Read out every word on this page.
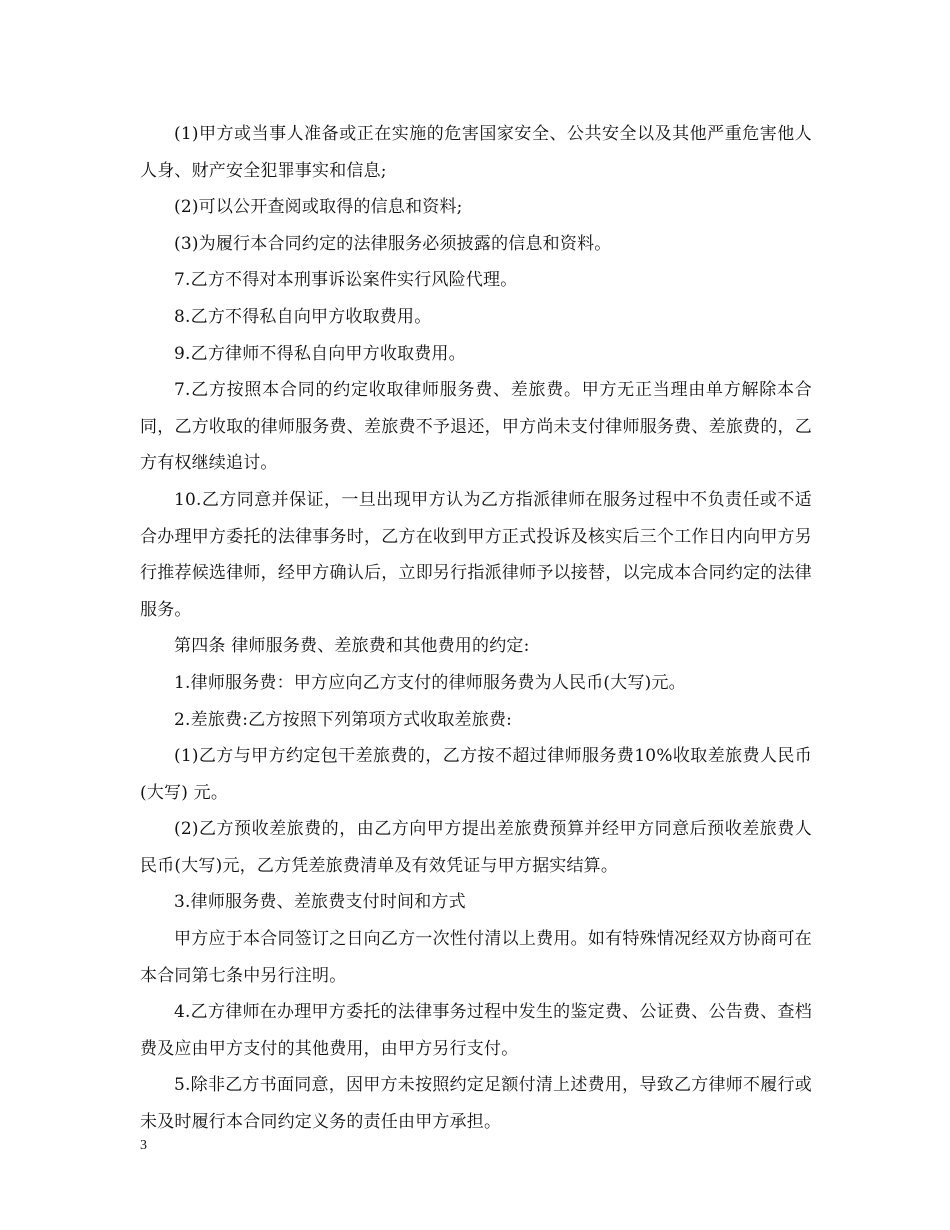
(1)甲方或当事人准备或正在实施的危害国家安全、公共安全以及其他严重危害他人人身、财产安全犯罪事实和信息;

(2)可以公开查阅或取得的信息和资料;

(3)为履行本合同约定的法律服务必须披露的信息和资料。

7.乙方不得对本刑事诉讼案件实行风险代理。

8.乙方不得私自向甲方收取费用。

9.乙方律师不得私自向甲方收取费用。

7.乙方按照本合同的约定收取律师服务费、差旅费。甲方无正当理由单方解除本合同，乙方收取的律师服务费、差旅费不予退还，甲方尚未支付律师服务费、差旅费的，乙方有权继续追讨。

10.乙方同意并保证，一旦出现甲方认为乙方指派律师在服务过程中不负责任或不适合办理甲方委托的法律事务时，乙方在收到甲方正式投诉及核实后三个工作日内向甲方另行推荐候选律师，经甲方确认后，立即另行指派律师予以接替，以完成本合同约定的法律服务。

第四条 律师服务费、差旅费和其他费用的约定:

1.律师服务费：甲方应向乙方支付的律师服务费为人民币(大写)元。

2.差旅费:乙方按照下列第项方式收取差旅费:

(1)乙方与甲方约定包干差旅费的，乙方按不超过律师服务费10%收取差旅费人民币(大写) 元。

(2)乙方预收差旅费的，由乙方向甲方提出差旅费预算并经甲方同意后预收差旅费人民币(大写)元，乙方凭差旅费清单及有效凭证与甲方据实结算。

3.律师服务费、差旅费支付时间和方式

甲方应于本合同签订之日向乙方一次性付清以上费用。如有特殊情况经双方协商可在本合同第七条中另行注明。

4.乙方律师在办理甲方委托的法律事务过程中发生的鉴定费、公证费、公告费、查档费及应由甲方支付的其他费用，由甲方另行支付。

5.除非乙方书面同意，因甲方未按照约定足额付清上述费用，导致乙方律师不履行或未及时履行本合同约定义务的责任由甲方承担。

3
